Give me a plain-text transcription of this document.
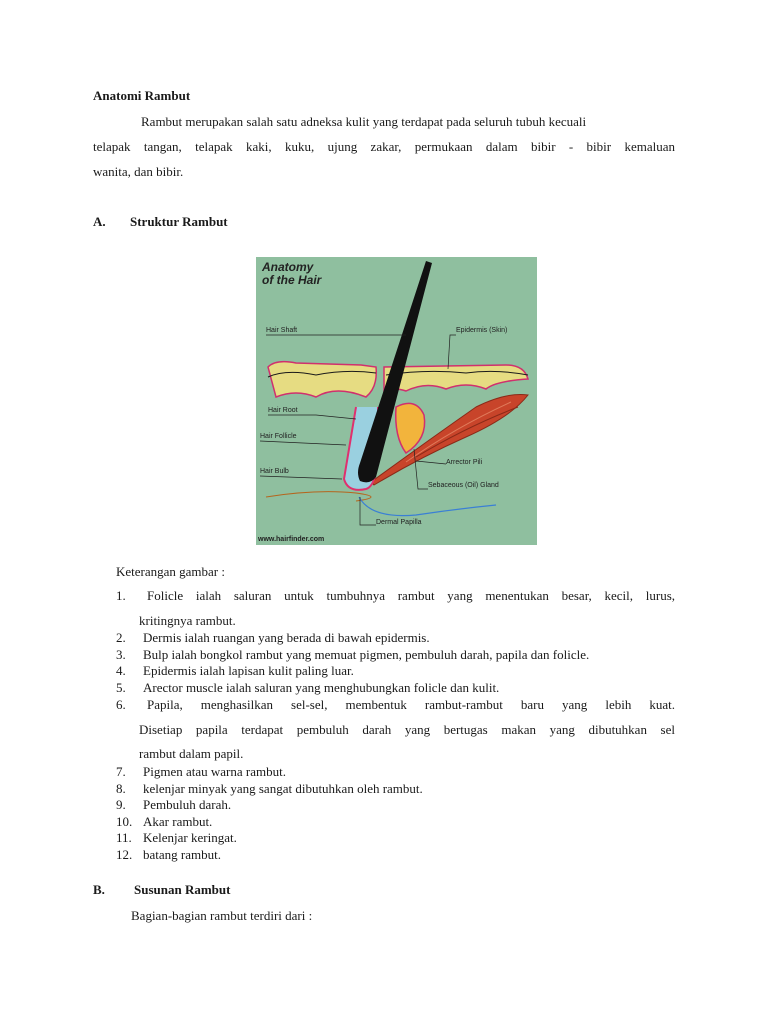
Anatomi Rambut
Rambut merupakan salah satu adneksa kulit yang terdapat pada seluruh tubuh kecuali
telapak tangan, telapak kaki, kuku, ujung zakar, permukaan dalam bibir - bibir kemaluan
wanita, dan bibir.
A. Struktur Rambut
Anatomy
of the Hair
Hair Shaft	Epidermis (Skin)
Hair Root
Hair Follicle
Arrector Pili
Hair Bulb
Sebaceous (Oil) Gland
Dermal Papilla
www.hairfinder.com
Keterangan gambar :
1. Folicle ialah saluran untuk tumbuhnya rambut yang menentukan besar, kecil, lurus,
kritingnya rambut.
2. Dermis ialah ruangan yang berada di bawah epidermis.
3. Bulp ialah bongkol rambut yang memuat pigmen, pembuluh darah, papila dan folicle.
4. Epidermis ialah lapisan kulit paling luar.
5. Arector muscle ialah saluran yang menghubungkan folicle dan kulit.
6. Papila, menghasilkan sel-sel, membentuk rambut-rambut baru yang lebih kuat.
Disetiap papila terdapat pembuluh darah yang bertugas makan yang dibutuhkan sel
rambut dalam papil.
7. Pigmen atau warna rambut.
8. kelenjar minyak yang sangat dibutuhkan oleh rambut.
9. Pembuluh darah.
10. Akar rambut.
11. Kelenjar keringat.
12. batang rambut.
B. Susunan Rambut
Bagian-bagian rambut terdiri dari :
